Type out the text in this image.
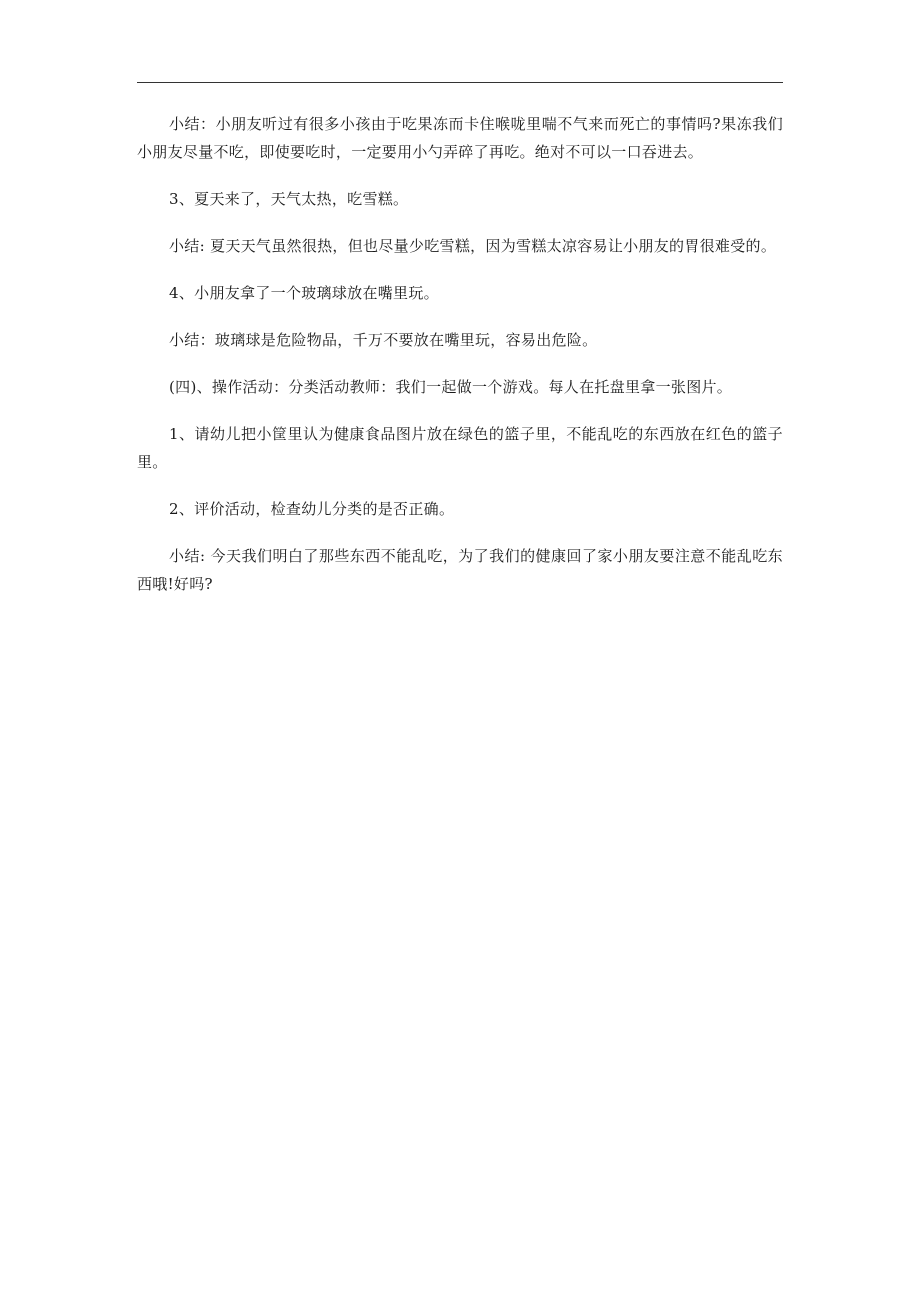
小结：小朋友听过有很多小孩由于吃果冻而卡住喉咙里喘不气来而死亡的事情吗?果冻我们小朋友尽量不吃，即使要吃时，一定要用小勺弄碎了再吃。绝对不可以一口吞进去。

3、夏天来了，天气太热，吃雪糕。

小结: 夏天天气虽然很热，但也尽量少吃雪糕，因为雪糕太凉容易让小朋友的胃很难受的。

4、小朋友拿了一个玻璃球放在嘴里玩。

小结：玻璃球是危险物品，千万不要放在嘴里玩，容易出危险。

(四)、操作活动：分类活动教师：我们一起做一个游戏。每人在托盘里拿一张图片。

1、请幼儿把小筐里认为健康食品图片放在绿色的篮子里，不能乱吃的东西放在红色的篮子里。

2、评价活动，检查幼儿分类的是否正确。

小结: 今天我们明白了那些东西不能乱吃，为了我们的健康回了家小朋友要注意不能乱吃东西哦!好吗?
